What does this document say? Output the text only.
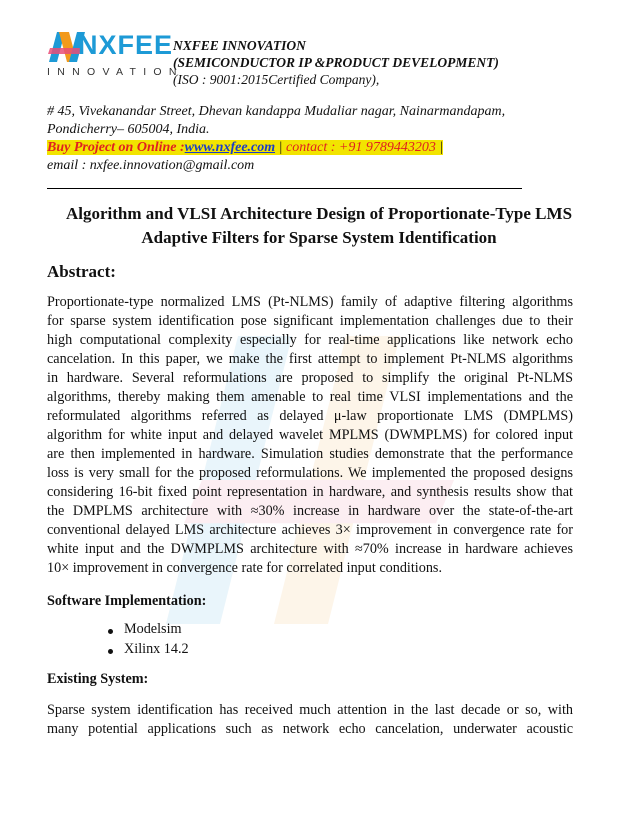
NXFEE
INNOVATION
NXFEE INNOVATION
(SEMICONDUCTOR IP &PRODUCT DEVELOPMENT)
(ISO : 9001:2015Certified Company),
# 45, Vivekanandar Street, Dhevan kandappa Mudaliar nagar, Nainarmandapam,
Pondicherry– 605004, India.
Buy Project on Online :www.nxfee.com | contact : +91 9789443203 |
email : nxfee.innovation@gmail.com
Algorithm and VLSI Architecture Design of Proportionate-Type LMS
Adaptive Filters for Sparse System Identification
Abstract:
Proportionate-type normalized LMS (Pt-NLMS) family of adaptive filtering algorithms
for sparse system identification pose significant implementation challenges due to their
high computational complexity especially for real-time applications like network echo
cancelation. In this paper, we make the first attempt to implement Pt-NLMS algorithms
in hardware. Several reformulations are proposed to simplify the original Pt-NLMS
algorithms, thereby making them amenable to real time VLSI implementations and the
reformulated algorithms referred as delayed μ-law proportionate LMS (DMPLMS)
algorithm for white input and delayed wavelet MPLMS (DWMPLMS) for colored input
are then implemented in hardware. Simulation studies demonstrate that the performance
loss is very small for the proposed reformulations. We implemented the proposed designs
considering 16-bit fixed point representation in hardware, and synthesis results show that
the DMPLMS architecture with ≈30% increase in hardware over the state-of-the-art
conventional delayed LMS architecture achieves 3× improvement in convergence rate for
white input and the DWMPLMS architecture with ≈70% increase in hardware achieves
10× improvement in convergence rate for correlated input conditions.
Software Implementation:
Modelsim
Xilinx 14.2
Existing System:
Sparse system identification has received much attention in the last decade or so, with
many potential applications such as network echo cancelation, underwater acoustic
